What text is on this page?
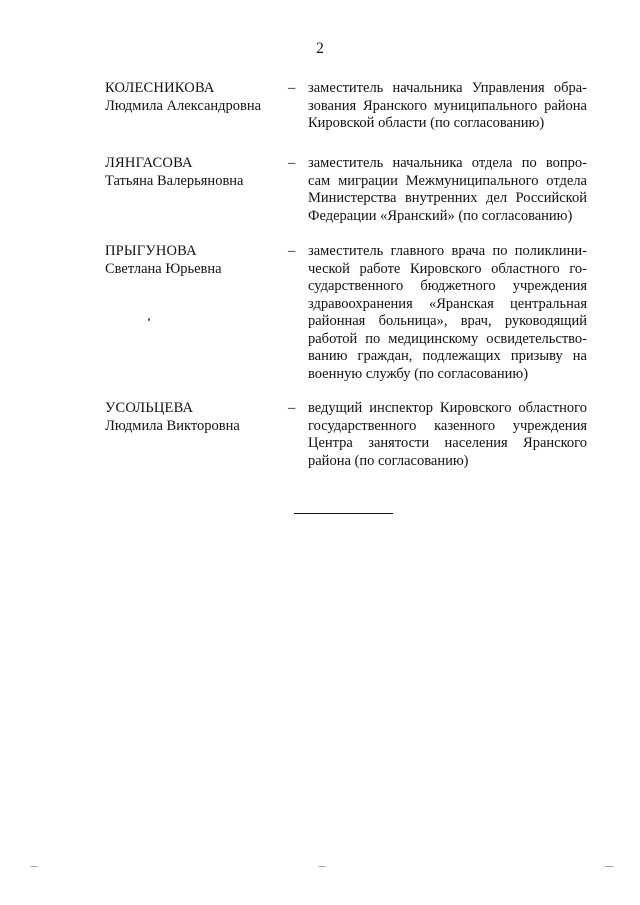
2
КОЛЕСНИКОВА
Людмила Александровна
– заместитель начальника Управления обра-
зования Яранского муниципального района
Кировской области (по согласованию)
ЛЯНГАСОВА
Татьяна Валерьяновна
– заместитель начальника отдела по вопро-
сам миграции Межмуниципального отдела
Министерства внутренних дел Российской
Федерации «Яранский» (по согласованию)
ПРЫГУНОВА
Светлана Юрьевна
– заместитель главного врача по поликлини-
ческой работе Кировского областного го-
сударственного бюджетного учреждения
здравоохранения «Яранская центральная
районная больница», врач, руководящий
работой по медицинскому освидетельство-
ванию граждан, подлежащих призыву на
военную службу (по согласованию)
УСОЛЬЦЕВА
Людмила Викторовна
– ведущий инспектор Кировского областного
государственного казенного учреждения
Центра занятости населения Яранского
района (по согласованию)
